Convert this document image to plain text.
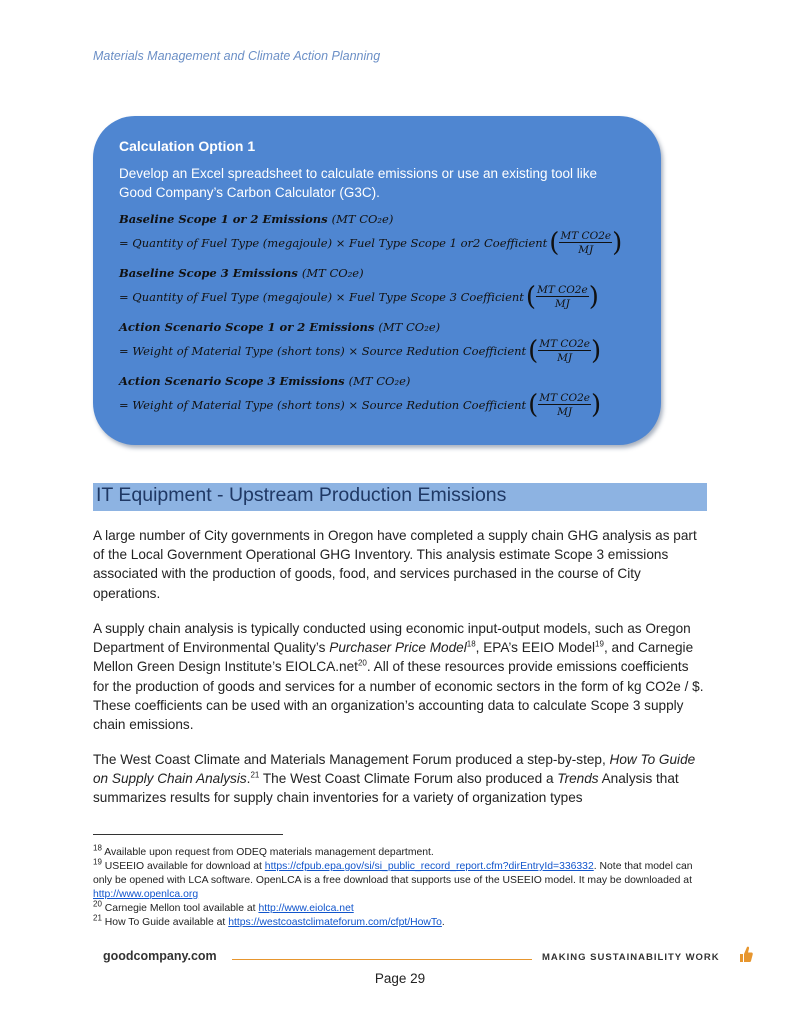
Materials Management and Climate Action Planning
Calculation Option 1
Develop an Excel spreadsheet to calculate emissions or use an existing tool like Good Company’s Carbon Calculator (G3C).
Baseline Scope 1 or 2 Emissions (MT CO₂e)
= Quantity of Fuel Type (megajoule) × Fuel Type Scope 1 or2 Coefficient ( $\frac{\text{MT CO2e}}{MJ}$ )
Baseline Scope 3 Emissions (MT CO₂e)
= Quantity of Fuel Type (megajoule) × Fuel Type Scope 3 Coefficient ( $\frac{\text{MT CO2e}}{MJ}$ )
Action Scenario Scope 1 or 2 Emissions (MT CO₂e)
= Weight of Material Type (short tons) × Source Redution Coefficient ( $\frac{\text{MT CO2e}}{MJ}$ )
Action Scenario Scope 3 Emissions (MT CO₂e)
= Weight of Material Type (short tons) × Source Redution Coefficient ( $\frac{\text{MT CO2e}}{MJ}$ )
IT Equipment - Upstream Production Emissions
A large number of City governments in Oregon have completed a supply chain GHG analysis as part of the Local Government Operational GHG Inventory. This analysis estimate Scope 3 emissions associated with the production of goods, food, and services purchased in the course of City operations.
A supply chain analysis is typically conducted using economic input-output models, such as Oregon Department of Environmental Quality’s Purchaser Price Model$^{18}$, EPA’s EEIO Model$^{19}$, and Carnegie Mellon Green Design Institute’s EIOLCA.net$^{20}$. All of these resources provide emissions coefficients for the production of goods and services for a number of economic sectors in the form of kg CO2e / $. These coefficients can be used with an organization’s accounting data to calculate Scope 3 supply chain emissions.
The West Coast Climate and Materials Management Forum produced a step-by-step, How To Guide on Supply Chain Analysis.$^{21}$ The West Coast Climate Forum also produced a Trends Analysis that summarizes results for supply chain inventories for a variety of organization types
$^{18}$ Available upon request from ODEQ materials management department.
$^{19}$ USEEIO available for download at https://cfpub.epa.gov/si/si_public_record_report.cfm?dirEntryId=336332. Note that model can only be opened with LCA software. OpenLCA is a free download that supports use of the USEEIO model. It may be downloaded at http://www.openlca.org
$^{20}$ Carnegie Mellon tool available at http://www.eiolca.net
$^{21}$ How To Guide available at https://westcoastclimateforum.com/cfpt/HowTo.
goodcompany.com	MAKING SUSTAINABILITY WORK
Page 29
